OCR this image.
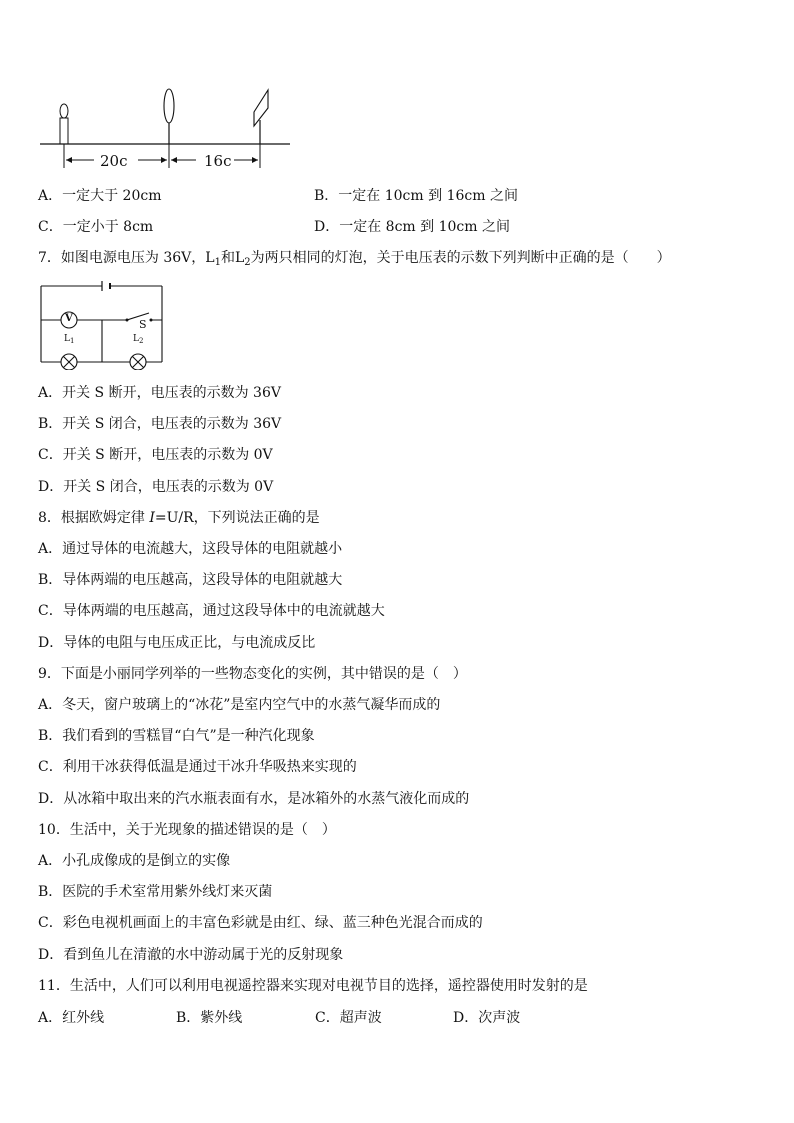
20c	16c
A．一定大于 20cm	B．一定在 10cm 到 16cm 之间
C．一定小于 8cm	D．一定在 8cm 到 10cm 之间
7．如图电源电压为 36V，$L_1$和$L_2$为两只相同的灯泡，关于电压表的示数下列判断中正确的是（　　）
V	S
$L_1$	$L_2$
A．开关 S 断开，电压表的示数为 36V
B．开关 S 闭合，电压表的示数为 36V
C．开关 S 断开，电压表的示数为 0V
D．开关 S 闭合，电压表的示数为 0V
8．根据欧姆定律 I=U/R，下列说法正确的是
A．通过导体的电流越大，这段导体的电阻就越小
B．导体两端的电压越高，这段导体的电阻就越大
C．导体两端的电压越高，通过这段导体中的电流就越大
D．导体的电阻与电压成正比，与电流成反比
9．下面是小丽同学列举的一些物态变化的实例，其中错误的是（　）
A．冬天，窗户玻璃上的“冰花”是室内空气中的水蒸气凝华而成的
B．我们看到的雪糕冒“白气”是一种汽化现象
C．利用干冰获得低温是通过干冰升华吸热来实现的
D．从冰箱中取出来的汽水瓶表面有水，是冰箱外的水蒸气液化而成的
10．生活中，关于光现象的描述错误的是（　）
A．小孔成像成的是倒立的实像
B．医院的手术室常用紫外线灯来灭菌
C．彩色电视机画面上的丰富色彩就是由红、绿、蓝三种色光混合而成的
D．看到鱼儿在清澈的水中游动属于光的反射现象
11．生活中，人们可以利用电视遥控器来实现对电视节目的选择，遥控器使用时发射的是
A．红外线	B．紫外线	C．超声波	D．次声波
